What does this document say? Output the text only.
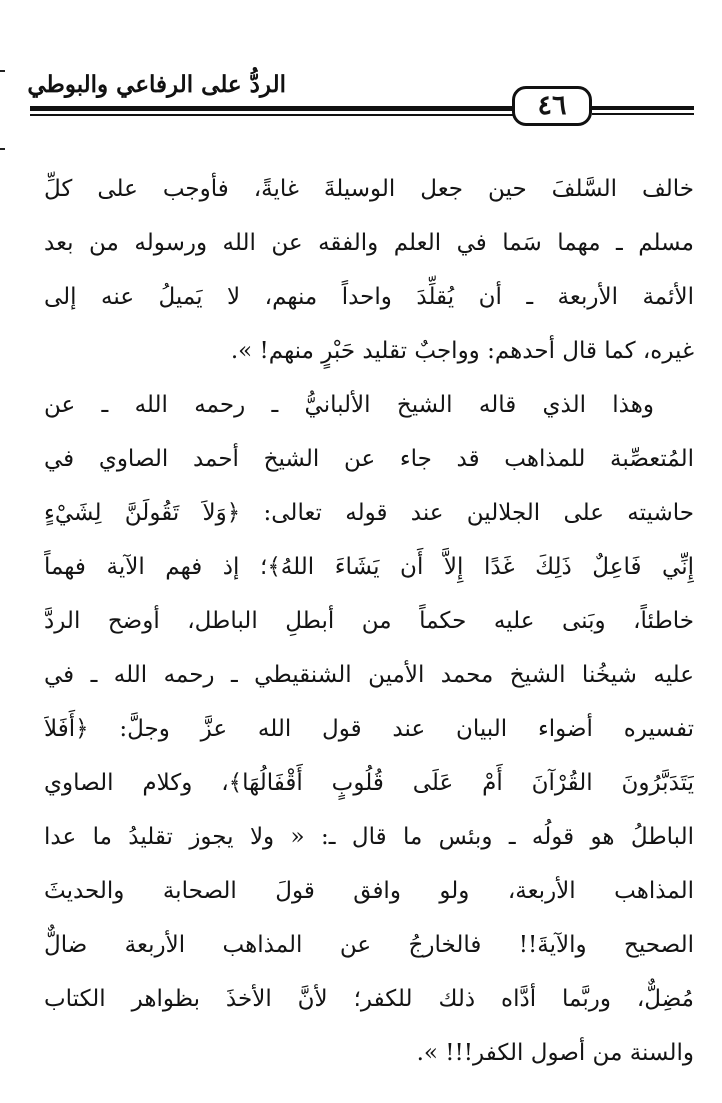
الردُّ على الرفاعي والبوطي
٤٦
خالف السَّلفَ حين جعل الوسيلةَ غايةً، فأوجب على كلِّ
مسلم ـ مهما سَما في العلم والفقه عن الله ورسوله من بعد
الأئمة الأربعة ـ أن يُقلِّدَ واحداً منهم، لا يَميلُ عنه إلى
غيره، كما قال أحدهم: وواجبٌ تقليد حَبْرٍ منهم! ».
وهذا الذي قاله الشيخ الألبانيُّ ـ رحمه الله ـ عن
المُتعصِّبة للمذاهب قد جاء عن الشيخ أحمد الصاوي في
حاشيته على الجلالين عند قوله تعالى: ﴿وَلاَ تَقُولَنَّ لِشَيْءٍ
إِنِّي فَاعِلٌ ذَلِكَ غَدًا إِلاَّ أَن يَشَاءَ اللهُ﴾؛ إذ فهم الآية فهماً
خاطئاً، وبَنى عليه حكماً من أبطلِ الباطل، أوضح الردَّ
عليه شيخُنا الشيخ محمد الأمين الشنقيطي ـ رحمه الله ـ في
تفسيره أضواء البيان عند قول الله عزَّ وجلَّ: ﴿أَفَلاَ
يَتَدَبَّرُونَ القُرْآنَ أَمْ عَلَى قُلُوبٍ أَقْفَالُهَا﴾، وكلام الصاوي
الباطلُ هو قولُه ـ وبئس ما قال ـ: « ولا يجوز تقليدُ ما عدا
المذاهب الأربعة، ولو وافق قولَ الصحابة والحديثَ
الصحيح والآيةَ!! فالخارجُ عن المذاهب الأربعة ضالٌّ
مُضِلٌّ، وربَّما أدَّاه ذلك للكفر؛ لأنَّ الأخذَ بظواهر الكتاب
والسنة من أصول الكفر!!! ».
